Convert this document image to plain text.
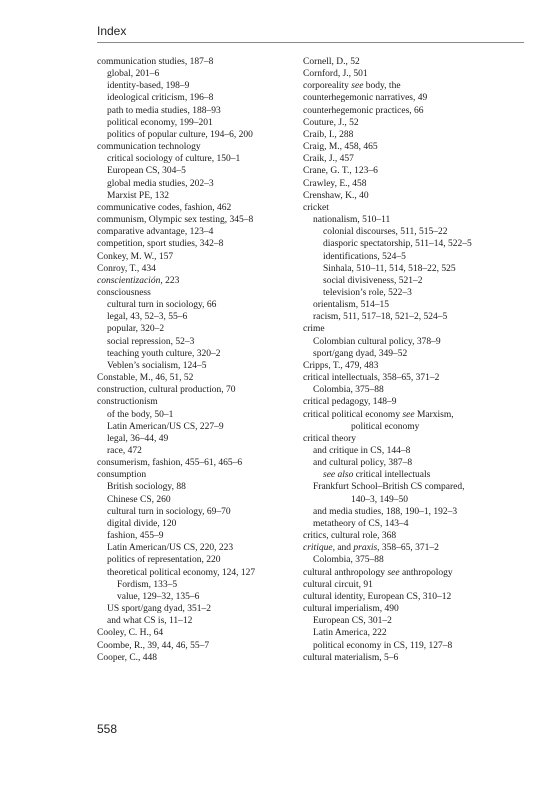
Index
communication studies, 187–8
global, 201–6
identity-based, 198–9
ideological criticism, 196–8
path to media studies, 188–93
political economy, 199–201
politics of popular culture, 194–6, 200
communication technology
critical sociology of culture, 150–1
European CS, 304–5
global media studies, 202–3
Marxist PE, 132
communicative codes, fashion, 462
communism, Olympic sex testing, 345–8
comparative advantage, 123–4
competition, sport studies, 342–8
Conkey, M. W., 157
Conroy, T., 434
conscientización, 223
consciousness
cultural turn in sociology, 66
legal, 43, 52–3, 55–6
popular, 320–2
social repression, 52–3
teaching youth culture, 320–2
Veblen’s socialism, 124–5
Constable, M., 46, 51, 52
construction, cultural production, 70
constructionism
of the body, 50–1
Latin American/US CS, 227–9
legal, 36–44, 49
race, 472
consumerism, fashion, 455–61, 465–6
consumption
British sociology, 88
Chinese CS, 260
cultural turn in sociology, 69–70
digital divide, 120
fashion, 455–9
Latin American/US CS, 220, 223
politics of representation, 220
theoretical political economy, 124, 127
Fordism, 133–5
value, 129–32, 135–6
US sport/gang dyad, 351–2
and what CS is, 11–12
Cooley, C. H., 64
Coombe, R., 39, 44, 46, 55–7
Cooper, C., 448
Cornell, D., 52
Cornford, J., 501
corporeality see body, the
counterhegemonic narratives, 49
counterhegemonic practices, 66
Couture, J., 52
Craib, I., 288
Craig, M., 458, 465
Craik, J., 457
Crane, G. T., 123–6
Crawley, E., 458
Crenshaw, K., 40
cricket
nationalism, 510–11
colonial discourses, 511, 515–22
diasporic spectatorship, 511–14, 522–5
identifications, 524–5
Sinhala, 510–11, 514, 518–22, 525
social divisiveness, 521–2
television’s role, 522–3
orientalism, 514–15
racism, 511, 517–18, 521–2, 524–5
crime
Colombian cultural policy, 378–9
sport/gang dyad, 349–52
Cripps, T., 479, 483
critical intellectuals, 358–65, 371–2
Colombia, 375–88
critical pedagogy, 148–9
critical political economy see Marxism,
political economy
critical theory
and critique in CS, 144–8
and cultural policy, 387–8
see also critical intellectuals
Frankfurt School–British CS compared,
140–3, 149–50
and media studies, 188, 190–1, 192–3
metatheory of CS, 143–4
critics, cultural role, 368
critique, and praxis, 358–65, 371–2
Colombia, 375–88
cultural anthropology see anthropology
cultural circuit, 91
cultural identity, European CS, 310–12
cultural imperialism, 490
European CS, 301–2
Latin America, 222
political economy in CS, 119, 127–8
cultural materialism, 5–6
558
